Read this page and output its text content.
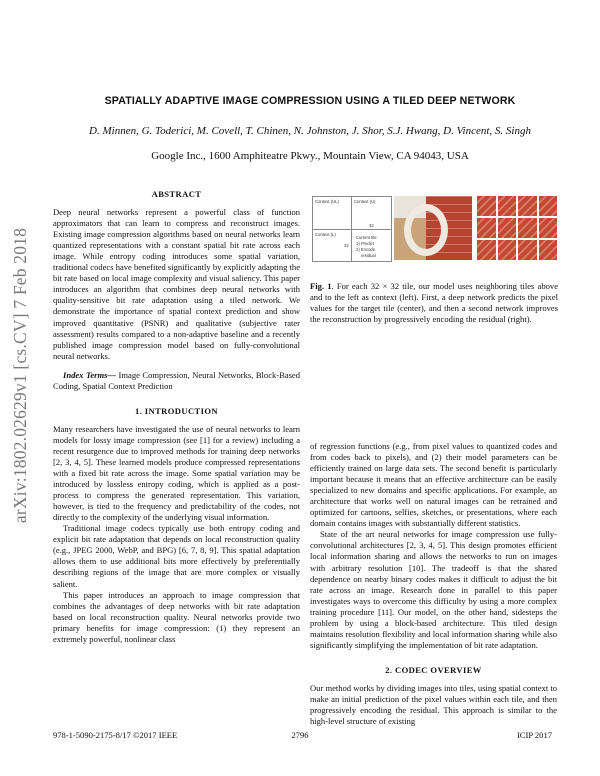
arXiv:1802.02629v1 [cs.CV] 7 Feb 2018
SPATIALLY ADAPTIVE IMAGE COMPRESSION USING A TILED DEEP NETWORK
D. Minnen, G. Toderici, M. Covell, T. Chinen, N. Johnston, J. Shor, S.J. Hwang, D. Vincent, S. Singh
Google Inc., 1600 Amphiteatre Pkwy., Mountain View, CA 94043, USA
ABSTRACT

Deep neural networks represent a powerful class of function approximators that can learn to compress and reconstruct images. Existing image compression algorithms based on neural networks learn quantized representations with a constant spatial bit rate across each image. While entropy coding introduces some spatial variation, traditional codecs have benefited significantly by explicitly adapting the bit rate based on local image complexity and visual saliency. This paper introduces an algorithm that combines deep neural networks with quality-sensitive bit rate adaptation using a tiled network. We demonstrate the importance of spatial context prediction and show improved quantitative (PSNR) and qualitative (subjective rater assessment) results compared to a non-adaptive baseline and a recently published image compression model based on fully-convolutional neural networks.

Index Terms— Image Compression, Neural Networks, Block-Based Coding, Spatial Context Prediction

1. INTRODUCTION

Many researchers have investigated the use of neural networks to learn models for lossy image compression (see [1] for a review) including a recent resurgence due to improved methods for training deep networks [2, 3, 4, 5]. These learned models produce compressed representations with a fixed bit rate across the image. Some spatial variation may be introduced by lossless entropy coding, which is applied as a post-process to compress the generated representation. This variation, however, is tied to the frequency and predictability of the codes, not directly to the complexity of the underlying visual information.

Traditional image codecs typically use both entropy coding and explicit bit rate adaptation that depends on local reconstruction quality (e.g., JPEG 2000, WebP, and BPG) [6, 7, 8, 9]. This spatial adaptation allows them to use additional bits more effectively by preferentially describing regions of the image that are more complex or visually salient.

This paper introduces an approach to image compression that combines the advantages of deep networks with bit rate adaptation based on local reconstruction quality. Neural networks provide two primary benefits for image compression: (1) they represent an extremely powerful, nonlinear class

Context (UL)	Context (U)
Context (L)
32
32
Current tile:
1) Predict
2) Encode
residual
Fig. 1. For each 32 × 32 tile, our model uses neighboring tiles above and to the left as context (left). First, a deep network predicts the pixel values for the target tile (center), and then a second network improves the reconstruction by progressively encoding the residual (right).

of regression functions (e.g., from pixel values to quantized codes and from codes back to pixels), and (2) their model parameters can be efficiently trained on large data sets. The second benefit is particularly important because it means that an effective architecture can be easily specialized to new domains and specific applications. For example, an architecture that works well on natural images can be retrained and optimized for cartoons, selfies, sketches, or presentations, where each domain contains images with substantially different statistics.

State of the art neural networks for image compression use fully-convolutional architectures [2, 3, 4, 5]. This design promotes efficient local information sharing and allows the networks to run on images with arbitrary resolution [10]. The tradeoff is that the shared dependence on nearby binary codes makes it difficult to adjust the bit rate across an image. Research done in parallel to this paper investigates ways to overcome this difficulty by using a more complex training procedure [11]. Our model, on the other hand, sidesteps the problem by using a block-based architecture. This tiled design maintains resolution flexibility and local information sharing while also significantly simplifying the implementation of bit rate adaptation.

2. CODEC OVERVIEW

Our method works by dividing images into tiles, using spatial context to make an initial prediction of the pixel values within each tile, and then progressively encoding the residual. This approach is similar to the high-level structure of existing

978-1-5090-2175-8/17 ©2017 IEEE	2796	ICIP 2017
